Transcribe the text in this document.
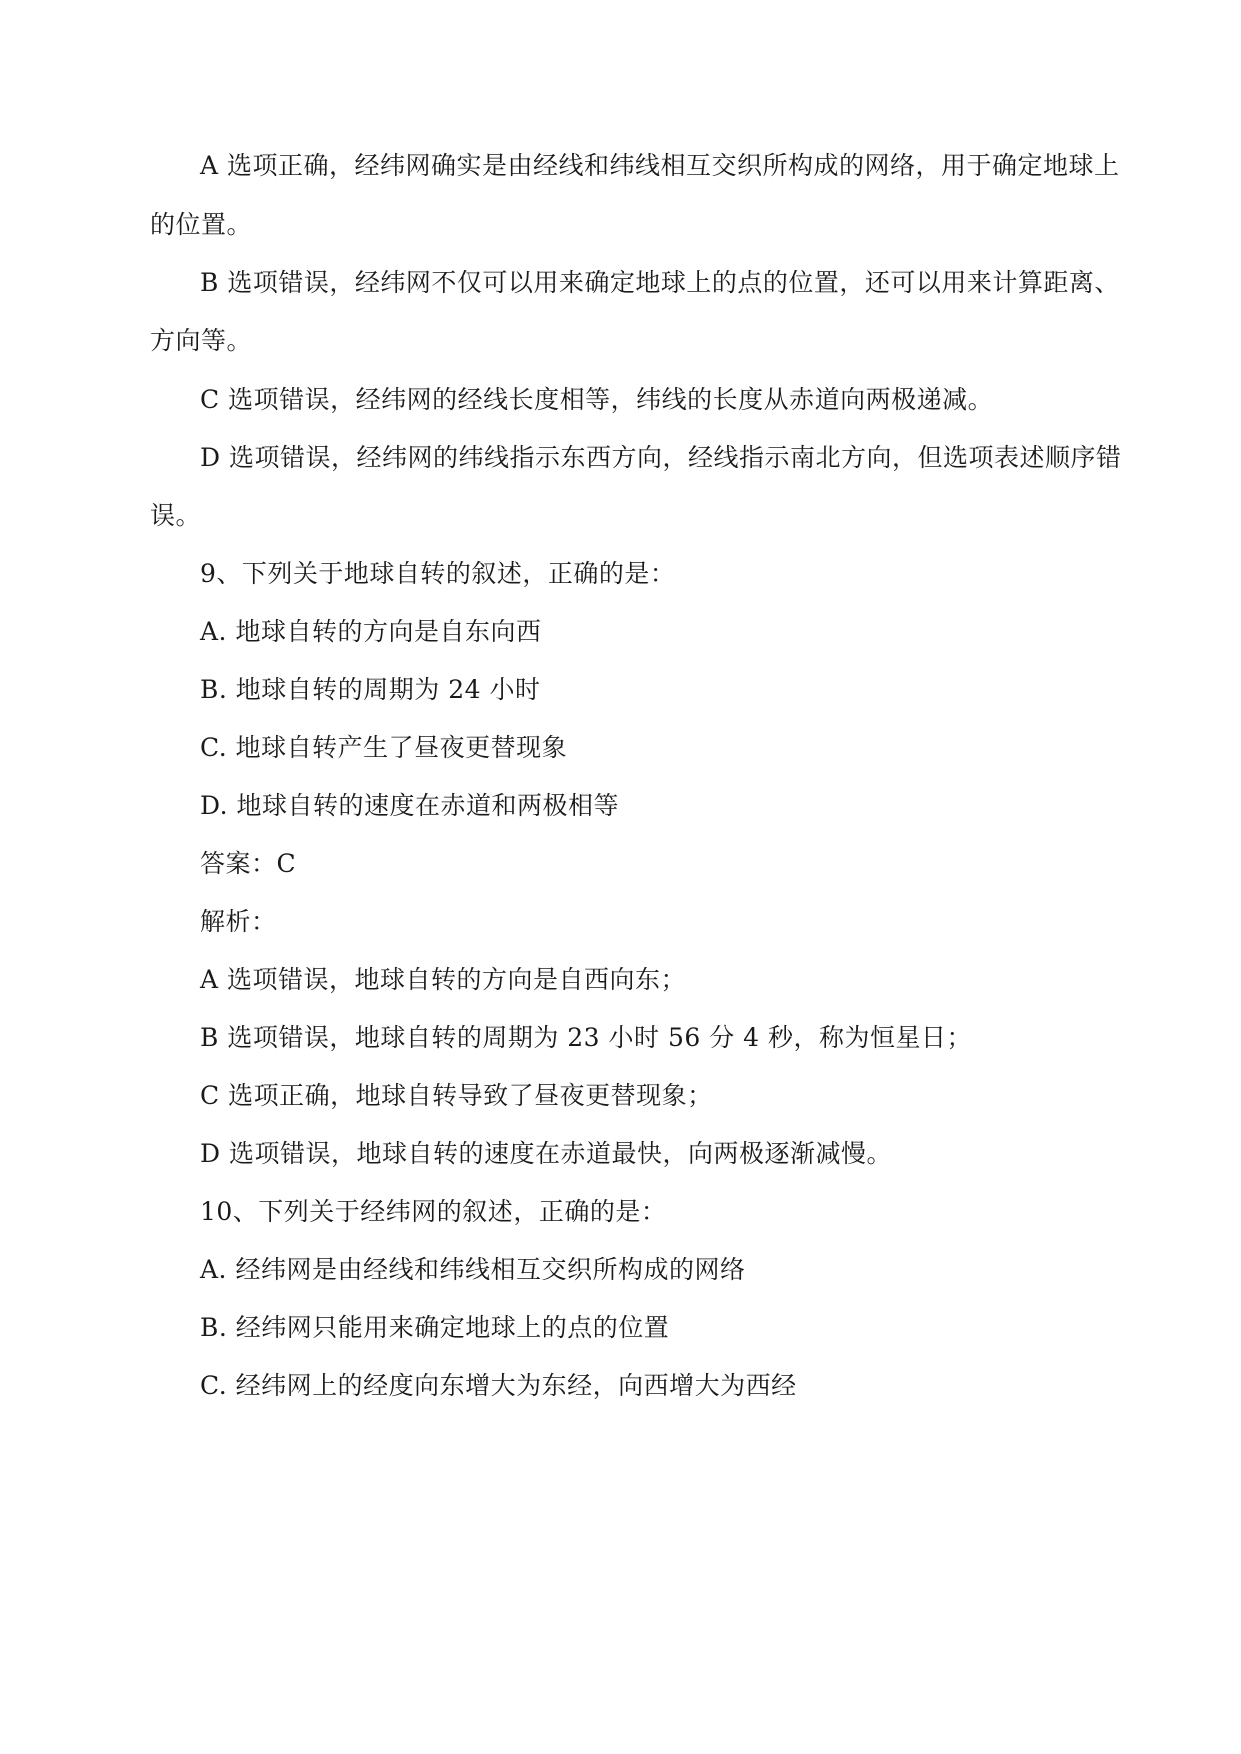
A 选项正确，经纬网确实是由经线和纬线相互交织所构成的网络，用于确定地球上
的位置。
B 选项错误，经纬网不仅可以用来确定地球上的点的位置，还可以用来计算距离、
方向等。
C 选项错误，经纬网的经线长度相等，纬线的长度从赤道向两极递减。
D 选项错误，经纬网的纬线指示东西方向，经线指示南北方向，但选项表述顺序错
误。
9、下列关于地球自转的叙述，正确的是：
A. 地球自转的方向是自东向西
B. 地球自转的周期为 24 小时
C. 地球自转产生了昼夜更替现象
D. 地球自转的速度在赤道和两极相等
答案：C
解析：
A 选项错误，地球自转的方向是自西向东；
B 选项错误，地球自转的周期为 23 小时 56 分 4 秒，称为恒星日；
C 选项正确，地球自转导致了昼夜更替现象；
D 选项错误，地球自转的速度在赤道最快，向两极逐渐减慢。
10、下列关于经纬网的叙述，正确的是：
A. 经纬网是由经线和纬线相互交织所构成的网络
B. 经纬网只能用来确定地球上的点的位置
C. 经纬网上的经度向东增大为东经，向西增大为西经
